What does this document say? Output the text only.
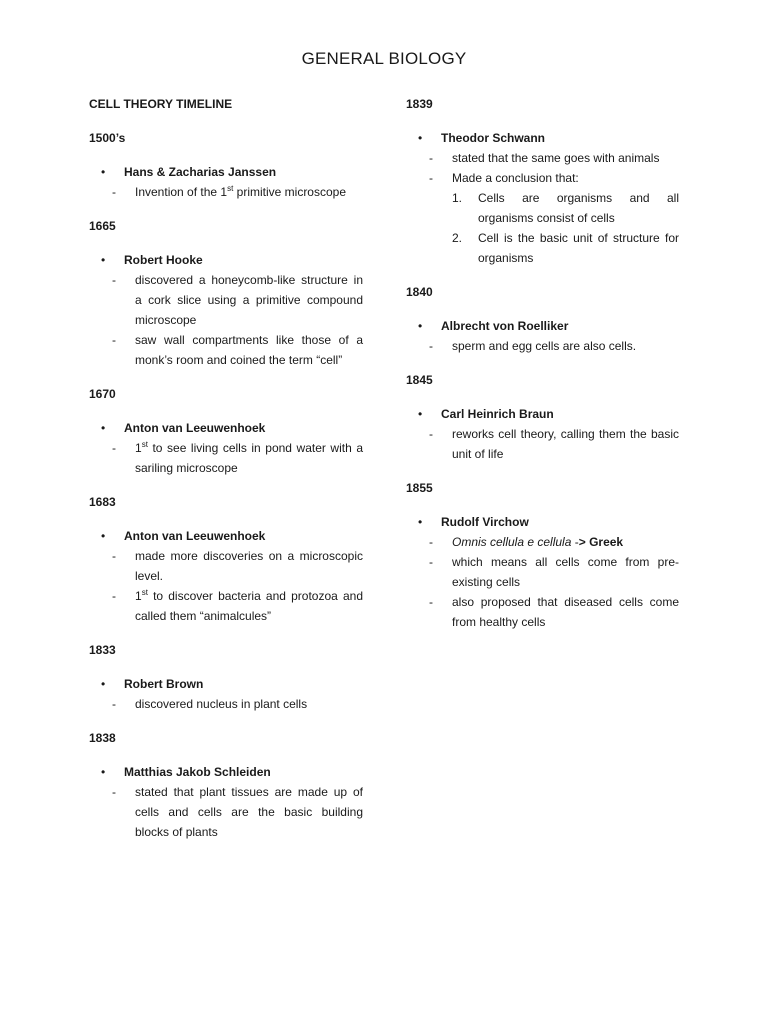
GENERAL BIOLOGY
CELL THEORY TIMELINE
1500’s
• Hans & Zacharias Janssen
- Invention of the 1st primitive microscope
1665
• Robert Hooke
- discovered a honeycomb-like structure in a cork slice using a primitive compound microscope
- saw wall compartments like those of a monk’s room and coined the term “cell”
1670
• Anton van Leeuwenhoek
- 1st to see living cells in pond water with a sariling microscope
1683
• Anton van Leeuwenhoek
- made more discoveries on a microscopic level.
- 1st to discover bacteria and protozoa and called them “animalcules”
1833
• Robert Brown
- discovered nucleus in plant cells
1838
• Matthias Jakob Schleiden
- stated that plant tissues are made up of cells and cells are the basic building blocks of plants
1839
• Theodor Schwann
- stated that the same goes with animals
- Made a conclusion that:
1. Cells are organisms and all organisms consist of cells
2. Cell is the basic unit of structure for organisms
1840
• Albrecht von Roelliker
- sperm and egg cells are also cells.
1845
• Carl Heinrich Braun
- reworks cell theory, calling them the basic unit of life
1855
• Rudolf Virchow
- Omnis cellula e cellula -> Greek
- which means all cells come from pre-existing cells
- also proposed that diseased cells come from healthy cells
